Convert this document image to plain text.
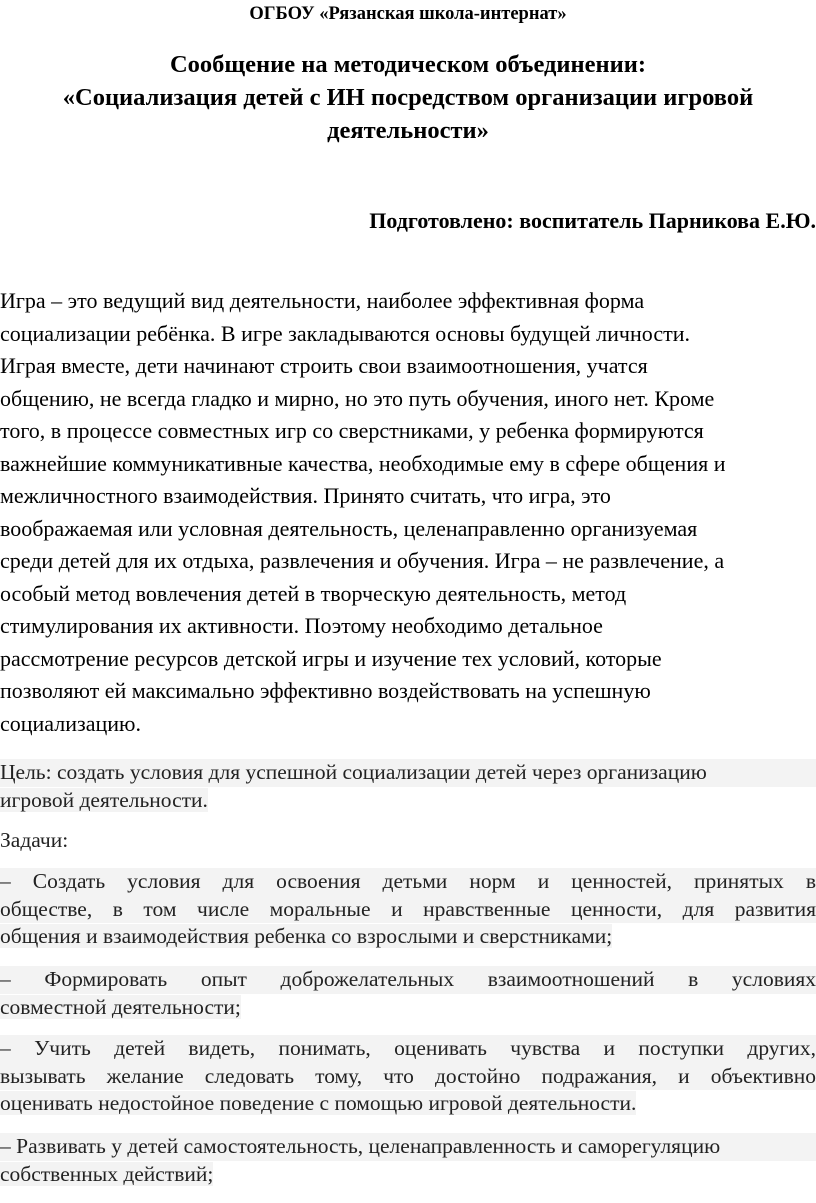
ОГБОУ «Рязанская школа-интернат»
Сообщение на методическом объединении:
«Социализация детей с ИН посредством организации игровой
деятельности»
Подготовлено: воспитатель Парникова Е.Ю.
Игра – это ведущий вид деятельности, наиболее эффективная форма
социализации ребёнка. В игре закладываются основы будущей личности.
Играя вместе, дети начинают строить свои взаимоотношения, учатся
общению, не всегда гладко и мирно, но это путь обучения, иного нет. Кроме
того, в процессе совместных игр со сверстниками, у ребенка формируются
важнейшие коммуникативные качества, необходимые ему в сфере общения и
межличностного взаимодействия. Принято считать, что игра, это
воображаемая или условная деятельность, целенаправленно организуемая
среди детей для их отдыха, развлечения и обучения. Игра – не развлечение, а
особый метод вовлечения детей в творческую деятельность, метод
стимулирования их активности. Поэтому необходимо детальное
рассмотрение ресурсов детской игры и изучение тех условий, которые
позволяют ей максимально эффективно воздействовать на успешную
социализацию.
Цель: создать условия для успешной социализации детей через организацию
игровой деятельности.
Задачи:
– Создать условия для освоения детьми норм и ценностей, принятых в
обществе, в том числе моральные и нравственные ценности, для развития
общения и взаимодействия ребенка со взрослыми и сверстниками;
– Формировать опыт доброжелательных взаимоотношений в условиях
совместной деятельности;
– Учить детей видеть, понимать, оценивать чувства и поступки других,
вызывать желание следовать тому, что достойно подражания, и объективно
оценивать недостойное поведение с помощью игровой деятельности.
– Развивать у детей самостоятельность, целенаправленность и саморегуляцию
собственных действий;
